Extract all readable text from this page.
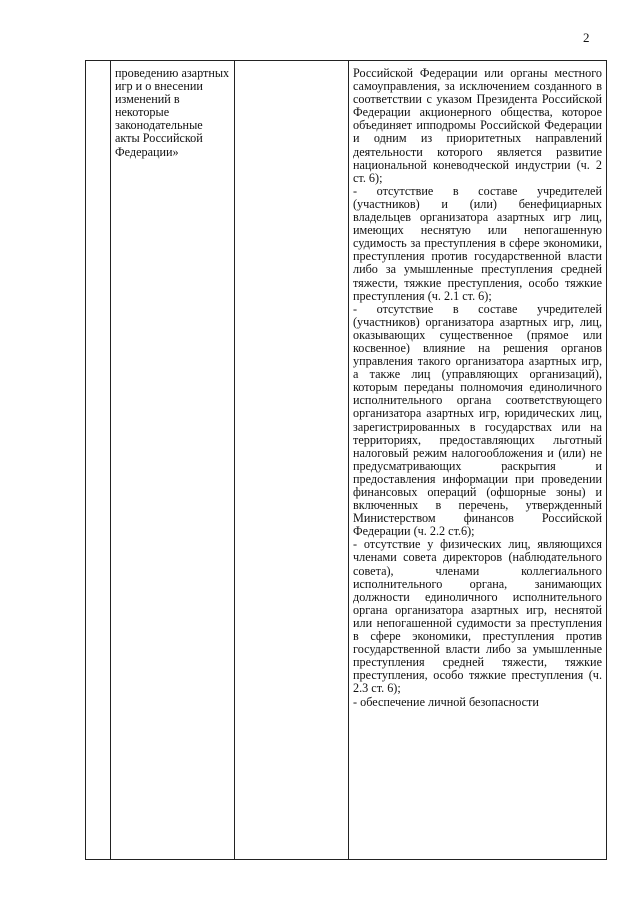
2

проведению азартных игр и о внесении изменений в некоторые законодательные акты Российской Федерации»

Российской Федерации или органы местного самоуправления, за исключением созданного в соответствии с указом Президента Российской Федерации акционерного общества, которое объединяет ипподромы Российской Федерации и одним из приоритетных направлений деятельности которого является развитие национальной коневодческой индустрии (ч. 2 ст. 6);
- отсутствие в составе учредителей (участников) и (или) бенефициарных владельцев организатора азартных игр лиц, имеющих неснятую или непогашенную судимость за преступления в сфере экономики, преступления против государственной власти либо за умышленные преступления средней тяжести, тяжкие преступления, особо тяжкие преступления (ч. 2.1 ст. 6);
- отсутствие в составе учредителей (участников) организатора азартных игр, лиц, оказывающих существенное (прямое или косвенное) влияние на решения органов управления такого организатора азартных игр, а также лиц (управляющих организаций), которым переданы полномочия единоличного исполнительного органа соответствующего организатора азартных игр, юридических лиц, зарегистрированных в государствах или на территориях, предоставляющих льготный налоговый режим налогообложения и (или) не предусматривающих раскрытия и предоставления информации при проведении финансовых операций (офшорные зоны) и включенных в перечень, утвержденный Министерством финансов Российской Федерации (ч. 2.2 ст.6);
- отсутствие у физических лиц, являющихся членами совета директоров (наблюдательного совета), членами коллегиального исполнительного органа, занимающих должности единоличного исполнительного органа организатора азартных игр, неснятой или непогашенной судимости за преступления в сфере экономики, преступления против государственной власти либо за умышленные преступления средней тяжести, тяжкие преступления, особо тяжкие преступления (ч. 2.3 ст. 6);
- обеспечение личной безопасности
